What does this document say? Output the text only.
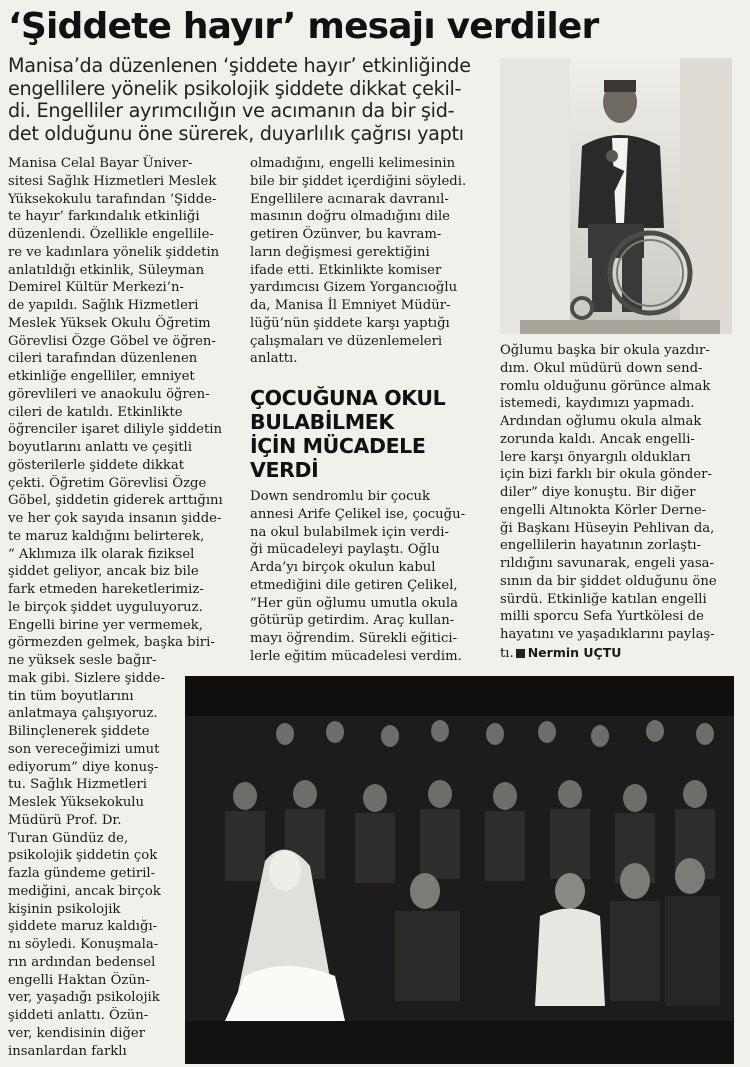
‘Şiddete hayır’ mesajı verdiler
Manisa’da düzenlenen ‘şiddete hayır’ etkinliğinde
engellilere yönelik psikolojik şiddete dikkat çekil-
di. Engelliler ayrımcılığın ve acımanın da bir şid-
det olduğunu öne sürerek, duyarlılık çağrısı yaptı
Manisa Celal Bayar Üniver-
sitesi Sağlık Hizmetleri Meslek
Yüksekokulu tarafından ‘Şidde-
te hayır’ farkındalık etkinliği
düzenlendi. Özellikle engellile-
re ve kadınlara yönelik şiddetin
anlatıldığı etkinlik, Süleyman
Demirel Kültür Merkezi’n-
de yapıldı. Sağlık Hizmetleri
Meslek Yüksek Okulu Öğretim
Görevlisi Özge Göbel ve öğren-
cileri tarafından düzenlenen
etkinliğe engelliler, emniyet
görevlileri ve anaokulu öğren-
cileri de katıldı. Etkinlikte
öğrenciler işaret diliyle şiddetin
boyutlarını anlattı ve çeşitli
gösterilerle şiddete dikkat
çekti. Öğretim Görevlisi Özge
Göbel, şiddetin giderek arttığını
ve her çok sayıda insanın şidde-
te maruz kaldığını belirterek,
“ Aklımıza ilk olarak fiziksel
şiddet geliyor, ancak biz bile
fark etmeden hareketlerimiz-
le birçok şiddet uyguluyoruz.
Engelli birine yer vermemek,
görmezden gelmek, başka biri-
ne yüksek sesle bağır-
mak gibi. Sizlere şidde-
tin tüm boyutlarını
anlatmaya çalışıyoruz.
Bilinçlenerek şiddete
son vereceğimizi umut
ediyorum” diye konuş-
tu. Sağlık Hizmetleri
Meslek Yüksekokulu
Müdürü Prof. Dr.
Turan Gündüz de,
psikolojik şiddetin çok
fazla gündeme getiril-
mediğini, ancak birçok
kişinin psikolojik
şiddete maruz kaldığı-
nı söyledi. Konuşmala-
rın ardından bedensel
engelli Haktan Özün-
ver, yaşadığı psikolojik
şiddeti anlattı. Özün-
ver, kendisinin diğer
insanlardan farklı
olmadığını, engelli kelimesinin
bile bir şiddet içerdiğini söyledi.
Engellilere acınarak davranıl-
masının doğru olmadığını dile
getiren Özünver, bu kavram-
ların değişmesi gerektiğini
ifade etti. Etkinlikte komiser
yardımcısı Gizem Yorgancıoğlu
da, Manisa İl Emniyet Müdür-
lüğü’nün şiddete karşı yaptığı
çalışmaları ve düzenlemeleri
anlattı.
ÇOCUĞUNA OKUL
BULABİLMEK
İÇİN MÜCADELE
VERDİ
Down sendromlu bir çocuk
annesi Arife Çelikel ise, çocuğu-
na okul bulabilmek için verdi-
ği mücadeleyi paylaştı. Oğlu
Arda’yı birçok okulun kabul
etmediğini dile getiren Çelikel,
“Her gün oğlumu umutla okula
götürüp getirdim. Araç kullan-
mayı öğrendim. Sürekli eğitici-
lerle eğitim mücadelesi verdim.
Oğlumu başka bir okula yazdır-
dım. Okul müdürü down send-
romlu olduğunu görünce almak
istemedi, kaydımızı yapmadı.
Ardından oğlumu okula almak
zorunda kaldı. Ancak engelli-
lere karşı önyargılı oldukları
için bizi farklı bir okula gönder-
diler” diye konuştu. Bir diğer
engelli Altınokta Körler Derne-
ği Başkanı Hüseyin Pehlivan da,
engellilerin hayatının zorlaştı-
rıldığını savunarak, engeli yasa-
sının da bir şiddet olduğunu öne
sürdü. Etkinliğe katılan engelli
milli sporcu Sefa Yurtkölesi de
hayatını ve yaşadıklarını paylaş-
tı. Nermin UÇTU
